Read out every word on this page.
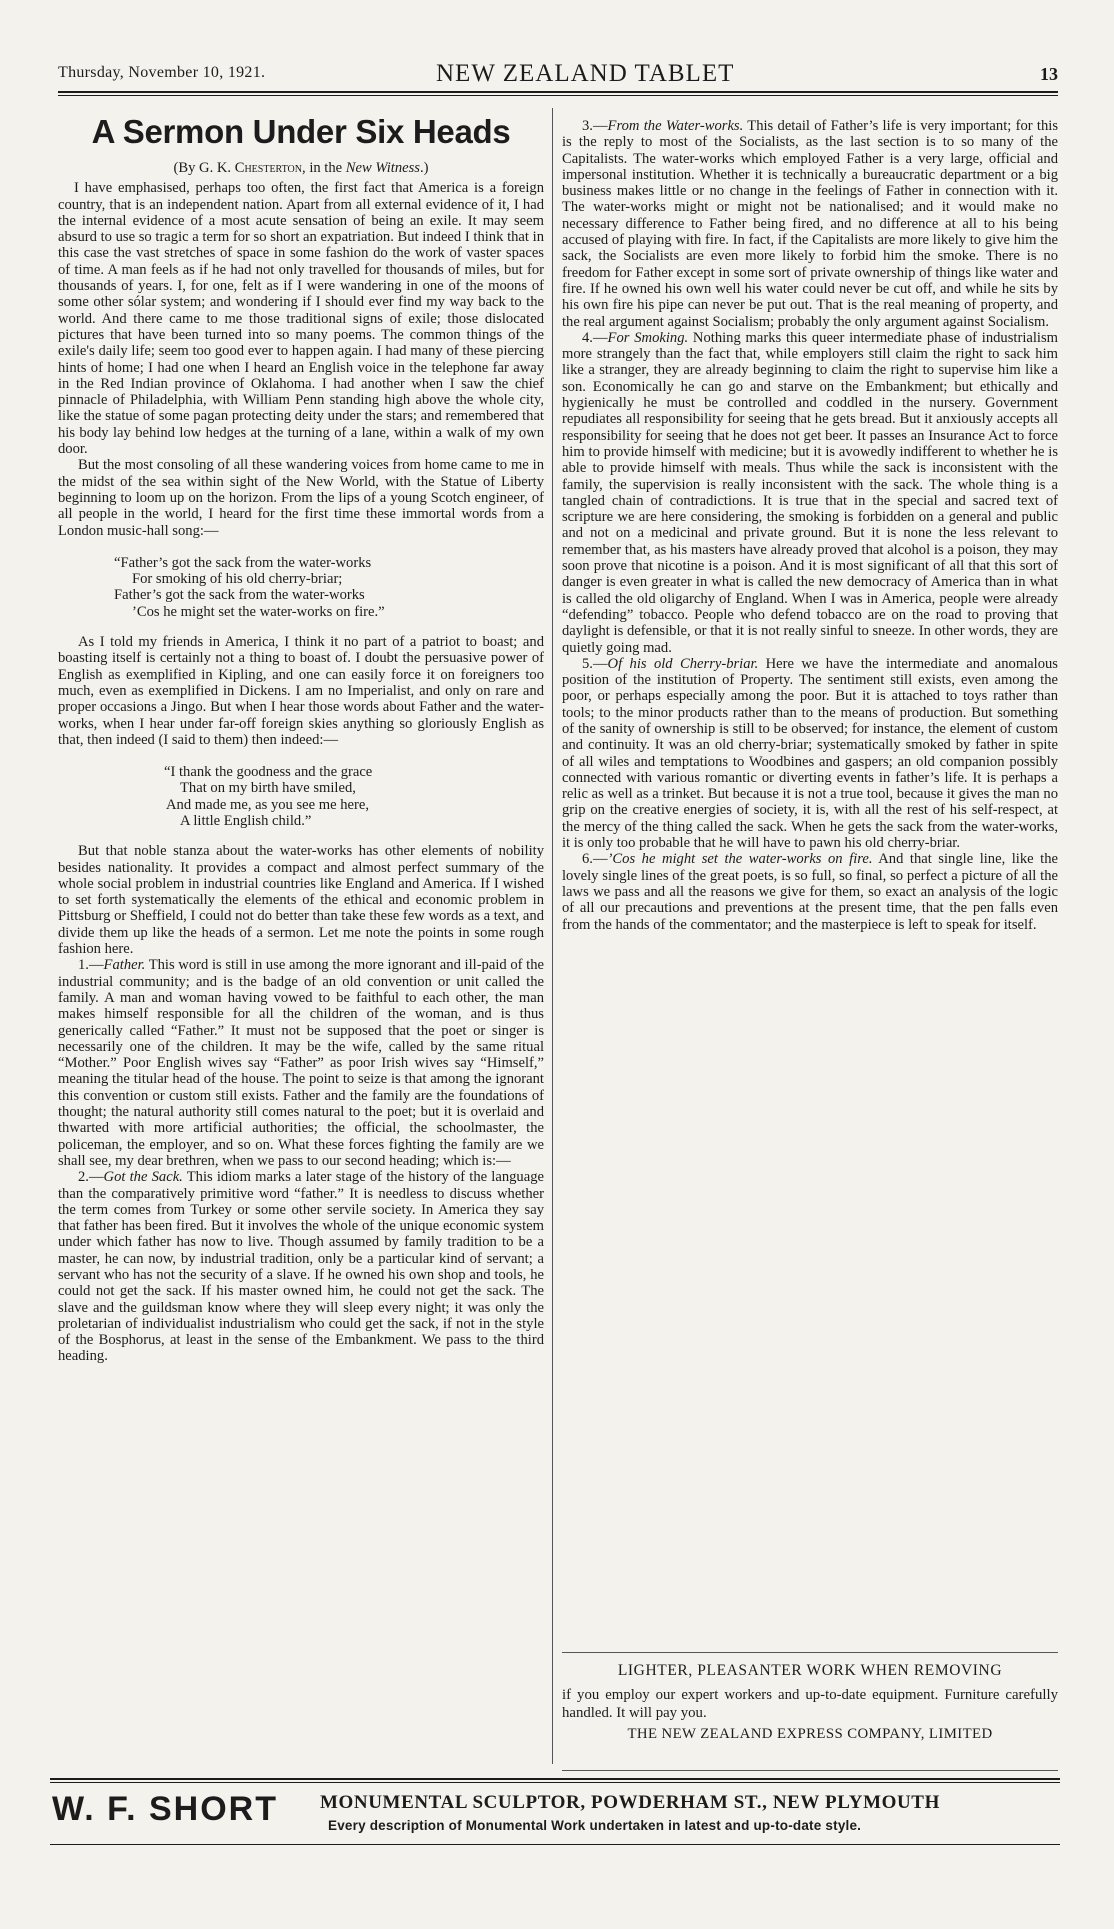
Thursday, November 10, 1921.	NEW ZEALAND TABLET	13
A Sermon Under Six Heads
(By G. K. Chesterton, in the New Witness.)

I have emphasised, perhaps too often, the first fact that America is a foreign country, that is an independent nation. Apart from all external evidence of it, I had the internal evidence of a most acute sensation of being an exile. It may seem absurd to use so tragic a term for so short an expatriation. But indeed I think that in this case the vast stretches of space in some fashion do the work of vaster spaces of time. A man feels as if he had not only travelled for thousands of miles, but for thousands of years. I, for one, felt as if I were wandering in one of the moons of some other sólar system; and wondering if I should ever find my way back to the world. And there came to me those traditional signs of exile; those dislocated pictures that have been turned into so many poems. The common things of the exile's daily life; seem too good ever to happen again. I had many of these piercing hints of home; I had one when I heard an English voice in the telephone far away in the Red Indian province of Oklahoma. I had another when I saw the chief pinnacle of Philadelphia, with William Penn standing high above the whole city, like the statue of some pagan protecting deity under the stars; and remembered that his body lay behind low hedges at the turning of a lane, within a walk of my own door.

But the most consoling of all these wandering voices from home came to me in the midst of the sea within sight of the New World, with the Statue of Liberty beginning to loom up on the horizon. From the lips of a young Scotch engineer, of all people in the world, I heard for the first time these immortal words from a London music-hall song:—

“Father’s got the sack from the water-works
For smoking of his old cherry-briar;
Father’s got the sack from the water-works
’Cos he might set the water-works on fire.”

As I told my friends in America, I think it no part of a patriot to boast; and boasting itself is certainly not a thing to boast of. I doubt the persuasive power of English as exemplified in Kipling, and one can easily force it on foreigners too much, even as exemplified in Dickens. I am no Imperialist, and only on rare and proper occasions a Jingo. But when I hear those words about Father and the water-works, when I hear under far-off foreign skies anything so gloriously English as that, then indeed (I said to them) then indeed:—

“I thank the goodness and the grace
That on my birth have smiled,
And made me, as you see me here,
A little English child.”

But that noble stanza about the water-works has other elements of nobility besides nationality. It provides a compact and almost perfect summary of the whole social problem in industrial countries like England and America. If I wished to set forth systematically the elements of the ethical and economic problem in Pittsburg or Sheffield, I could not do better than take these few words as a text, and divide them up like the heads of a sermon. Let me note the points in some rough fashion here.

1.—Father. This word is still in use among the more ignorant and ill-paid of the industrial community; and is the badge of an old convention or unit called the family. A man and woman having vowed to be faithful to each other, the man makes himself responsible for all the children of the woman, and is thus generically called “Father.” It must not be supposed that the poet or singer is necessarily one of the children. It may be the wife, called by the same ritual “Mother.” Poor English wives say “Father” as poor Irish wives say “Himself,” meaning the titular head of the house. The point to seize is that among the ignorant this convention or custom still exists. Father and the family are the foundations of thought; the natural authority still comes natural to the poet; but it is overlaid and thwarted with more artificial authorities; the official, the schoolmaster, the policeman, the employer, and so on. What these forces fighting the family are we shall see, my dear brethren, when we pass to our second heading; which is:—

2.—Got the Sack. This idiom marks a later stage of the history of the language than the comparatively primitive word “father.” It is needless to discuss whether the term comes from Turkey or some other servile society. In America they say that father has been fired. But it involves the whole of the unique economic system under which father has now to live. Though assumed by family tradition to be a master, he can now, by industrial tradition, only be a particular kind of servant; a servant who has not the security of a slave. If he owned his own shop and tools, he could not get the sack. If his master owned him, he could not get the sack. The slave and the guildsman know where they will sleep every night; it was only the proletarian of individualist industrialism who could get the sack, if not in the style of the Bosphorus, at least in the sense of the Embankment. We pass to the third heading.

3.—From the Water-works. This detail of Father’s life is very important; for this is the reply to most of the Socialists, as the last section is to so many of the Capitalists. The water-works which employed Father is a very large, official and impersonal institution. Whether it is technically a bureaucratic department or a big business makes little or no change in the feelings of Father in connection with it. The water-works might or might not be nationalised; and it would make no necessary difference to Father being fired, and no difference at all to his being accused of playing with fire. In fact, if the Capitalists are more likely to give him the sack, the Socialists are even more likely to forbid him the smoke. There is no freedom for Father except in some sort of private ownership of things like water and fire. If he owned his own well his water could never be cut off, and while he sits by his own fire his pipe can never be put out. That is the real meaning of property, and the real argument against Socialism; probably the only argument against Socialism.

4.—For Smoking. Nothing marks this queer intermediate phase of industrialism more strangely than the fact that, while employers still claim the right to sack him like a stranger, they are already beginning to claim the right to supervise him like a son. Economically he can go and starve on the Embankment; but ethically and hygienically he must be controlled and coddled in the nursery. Government repudiates all responsibility for seeing that he gets bread. But it anxiously accepts all responsibility for seeing that he does not get beer. It passes an Insurance Act to force him to provide himself with medicine; but it is avowedly indifferent to whether he is able to provide himself with meals. Thus while the sack is inconsistent with the family, the supervision is really inconsistent with the sack. The whole thing is a tangled chain of contradictions. It is true that in the special and sacred text of scripture we are here considering, the smoking is forbidden on a general and public and not on a medicinal and private ground. But it is none the less relevant to remember that, as his masters have already proved that alcohol is a poison, they may soon prove that nicotine is a poison. And it is most significant of all that this sort of danger is even greater in what is called the new democracy of America than in what is called the old oligarchy of England. When I was in America, people were already “defending” tobacco. People who defend tobacco are on the road to proving that daylight is defensible, or that it is not really sinful to sneeze. In other words, they are quietly going mad.

5.—Of his old Cherry-briar. Here we have the intermediate and anomalous position of the institution of Property. The sentiment still exists, even among the poor, or perhaps especially among the poor. But it is attached to toys rather than tools; to the minor products rather than to the means of production. But something of the sanity of ownership is still to be observed; for instance, the element of custom and continuity. It was an old cherry-briar; systematically smoked by father in spite of all wiles and temptations to Woodbines and gaspers; an old companion possibly connected with various romantic or diverting events in father’s life. It is perhaps a relic as well as a trinket. But because it is not a true tool, because it gives the man no grip on the creative energies of society, it is, with all the rest of his self-respect, at the mercy of the thing called the sack. When he gets the sack from the water-works, it is only too probable that he will have to pawn his old cherry-briar.

6.—’Cos he might set the water-works on fire. And that single line, like the lovely single lines of the great poets, is so full, so final, so perfect a picture of all the laws we pass and all the reasons we give for them, so exact an analysis of the logic of all our precautions and preventions at the present time, that the pen falls even from the hands of the commentator; and the masterpiece is left to speak for itself.

LIGHTER, PLEASANTER WORK WHEN REMOVING
if you employ our expert workers and up-to-date equipment. Furniture carefully handled. It will pay you.
THE NEW ZEALAND EXPRESS COMPANY, LIMITED
W. F. SHORT MONUMENTAL SCULPTOR, POWDERHAM ST., NEW PLYMOUTH
Every description of Monumental Work undertaken in latest and up-to-date style.
